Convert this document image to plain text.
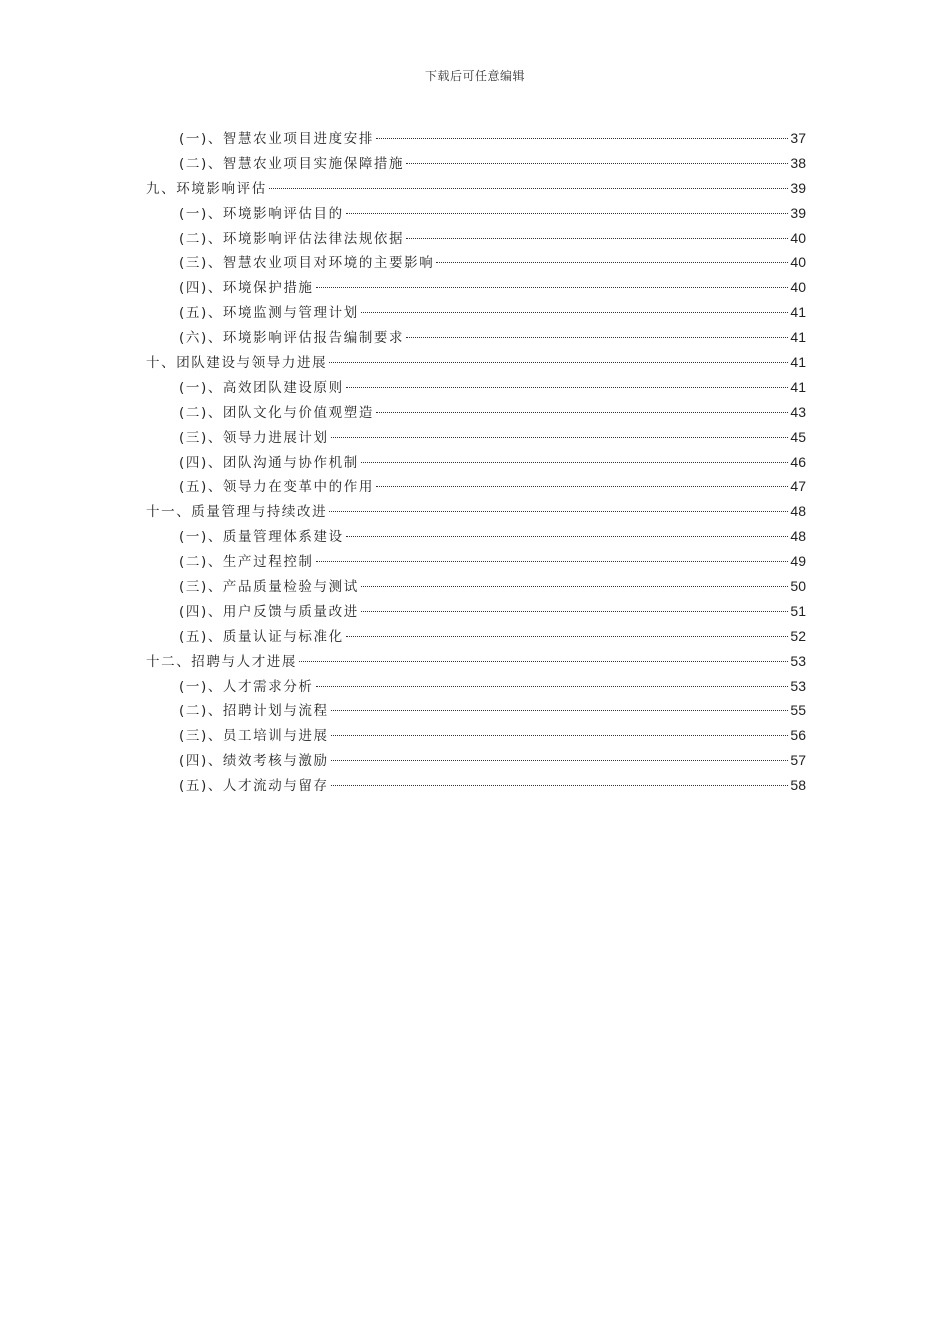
下载后可任意编辑
(一)、智慧农业项目进度安排	37
(二)、智慧农业项目实施保障措施	38
九、环境影响评估	39
(一)、环境影响评估目的	39
(二)、环境影响评估法律法规依据	40
(三)、智慧农业项目对环境的主要影响	40
(四)、环境保护措施	40
(五)、环境监测与管理计划	41
(六)、环境影响评估报告编制要求	41
十、团队建设与领导力进展	41
(一)、高效团队建设原则	41
(二)、团队文化与价值观塑造	43
(三)、领导力进展计划	45
(四)、团队沟通与协作机制	46
(五)、领导力在变革中的作用	47
十一、质量管理与持续改进	48
(一)、质量管理体系建设	48
(二)、生产过程控制	49
(三)、产品质量检验与测试	50
(四)、用户反馈与质量改进	51
(五)、质量认证与标准化	52
十二、招聘与人才进展	53
(一)、人才需求分析	53
(二)、招聘计划与流程	55
(三)、员工培训与进展	56
(四)、绩效考核与激励	57
(五)、人才流动与留存	58
